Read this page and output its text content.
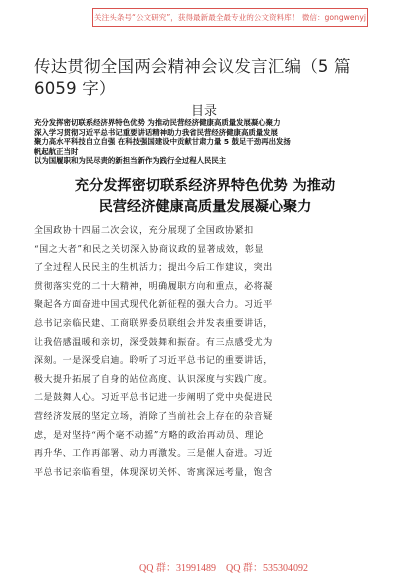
关注头条号“公文研究”，获得最新最全最专业的公文资料库！ 微信：gongwenyj
传达贯彻全国两会精神会议发言汇编（5 篇
6059 字）
目录
充分发挥密切联系经济界特色优势 为推动民营经济健康高质量发展凝心聚力
深入学习贯彻习近平总书记重要讲话精神助力我省民营经济健康高质量发展
聚力高水平科技自立自强 在科技强国建设中贡献甘肃力量 5 鼓足干劲再出发扬
帆起航正当时
以为国履职和为民尽责的新担当新作为践行全过程人民民主
充分发挥密切联系经济界特色优势 为推动
民营经济健康高质量发展凝心聚力
全国政协十四届二次会议，充分展现了全国政协紧扣
“国之大者”和民之关切深入协商议政的显著成效，彰显
了全过程人民民主的生机活力；提出今后工作建议，突出
贯彻落实党的二十大精神，明确履职方向和重点，必将凝
聚起各方面奋进中国式现代化新征程的强大合力。习近平
总书记亲临民建、工商联界委员联组会并发表重要讲话，
让我倍感温暖和亲切，深受鼓舞和振奋。有三点感受尤为
深刻。一是深受启迪。聆听了习近平总书记的重要讲话，
极大提升拓展了自身的站位高度、认识深度与实践广度。
二是鼓舞人心。习近平总书记进一步阐明了党中央促进民
营经济发展的坚定立场，消除了当前社会上存在的杂音疑
虑，是对坚持“两个毫不动摇”方略的政治再动员、理论
再升华、工作再部署、动力再激发。三是催人奋进。习近
平总书记亲临看望，体现深切关怀、寄寓深远考量，饱含
QQ 群：31991489 QQ 群：535304092
